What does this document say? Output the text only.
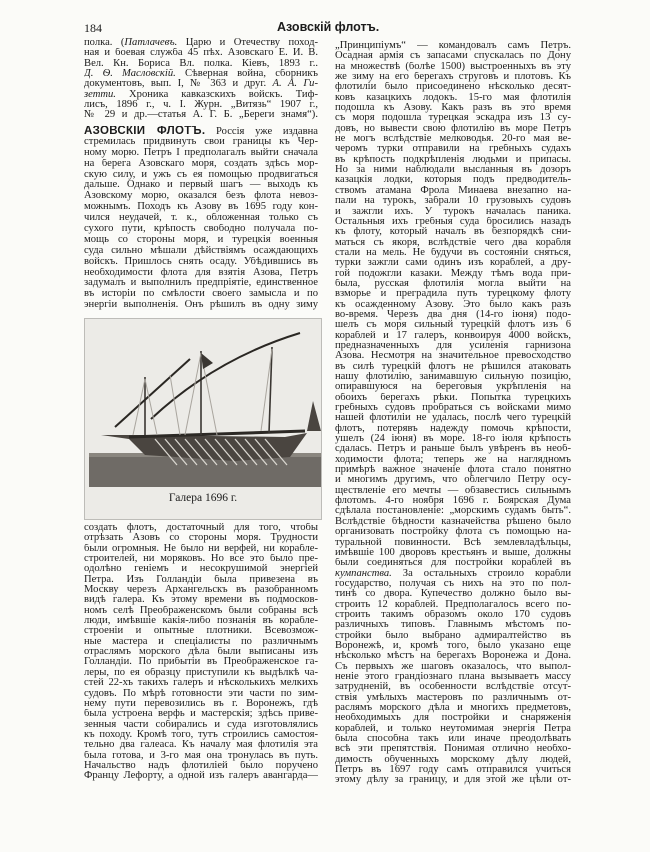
184	Азовскій флотъ.
полка. (Патлачевъ. Царю и Отечеству поход-
ная и боевая служба 45 пѣх. Азовскаго Е. И. В.
Вел. Кн. Бориса Вл. полка. Кіевъ, 1893 г..
Д. Ѳ. Масловскій. Сѣверная война, сборникъ
документовъ, вып. I, № 363 и друг. А. А. Ги-
зетти. Хроника кавказскихъ войскъ. Тиф-
лисъ, 1896 г., ч. I. Журн. „Витязь“ 1907 г.,
№ 29 и др.—статья А. Г. Б. „Береги знамя“).
АЗОВСКІЙ ФЛОТЪ. Россія уже издавна
стремилась придвинуть свои границы къ Чер-
ному морю. Петръ I предполагалъ выйти сначала
на берега Азовскаго моря, создать здѣсь мор-
скую силу, и ужъ съ ея помощью продвигаться
дальше. Однако и первый шагъ — выходъ къ
Азовскому морю, оказался безъ флота невоз-
можнымъ. Походъ къ Азову въ 1695 году кон-
чился неудачей, т. к., обложенная только съ
сухого пути, крѣпость свободно получала по-
мощь со стороны моря, и турецкія военныя
суда сильно мѣшали дѣйствіямъ осаждающихъ
войскъ. Пришлось снять осаду. Убѣдившись въ
необходимости флота для взятія Азова, Петръ
задумалъ и выполнилъ предпріятіе, единственное
въ исторіи по смѣлости своего замысла и по
энергіи выполненія. Онъ рѣшилъ въ одну зиму
Галера 1696 г.
создать флотъ, достаточный для того, чтобы
отрѣзать Азовъ со стороны моря. Трудности
были огромныя. Не было ни верфей, ни корабле-
строителей, ни моряковъ. Но все это было пре-
одолѣно геніемъ и несокрушимой энергіей
Петра. Изъ Голландіи была привезена въ
Москву черезъ Архангельскъ въ разобранномъ
видѣ галера. Къ этому времени въ подмосков-
номъ селѣ Преображенскомъ были собраны всѣ
люди, имѣвшіе какія-либо познанія въ корабле-
строеніи и опытные плотники. Всевозмож-
ные мастера и спеціалисты по различнымъ
отраслямъ морского дѣла были выписаны изъ
Голландіи. По прибытіи въ Преображенское га-
леры, по ея образцу приступили къ выдѣлкѣ ча-
стей 22-хъ такихъ галеръ и нѣсколькихъ мелкихъ
судовъ. По мѣрѣ готовности эти части по зим-
нему пути перевозились въ г. Воронежъ, гдѣ
была устроена верфь и мастерскія; здѣсь приве-
зенныя части собирались и суда изготовлялись
къ походу. Кромѣ того, тутъ строились самостоя-
тельно два галеаса. Къ началу мая флотилія эта
была готова, и 3-го мая она тронулась въ путь.
Начальство надъ флотиліей было поручено
Францу Лефорту, а одной изъ галеръ авангарда—
„Принципіумъ“ — командовалъ самъ Петръ.
Осадная армія съ запасами спускалась по Дону
на множествѣ (болѣе 1500) выстроенныхъ въ эту
же зиму на его берегахъ струговъ и плотовъ. Къ
флотиліи было присоединено нѣсколько десят-
ковъ казацкихъ лодокъ. 15-го мая флотилія
подошла къ Азову. Какъ разъ въ это время
съ моря подошла турецкая эскадра изъ 13 су-
довъ, но вывести свою флотилію въ море Петръ
не могъ вслѣдствіе мелководья. 20-го мая ве-
черомъ турки отправили на гребныхъ судахъ
въ крѣпость подкрѣпленія людьми и припасы.
Но за ними наблюдали высланныя въ дозоръ
казацкія лодки, которыя подъ предводитель-
ствомъ атамана Фрола Минаева внезапно на-
пали на турокъ, забрали 10 грузовыхъ судовъ
и зажгли ихъ. У турокъ началась паника.
Остальныя ихъ гребныя суда бросились назадъ
къ флоту, который началъ въ безпорядкѣ сни-
маться съ якоря, вслѣдствіе чего два корабля
стали на мель. Не будучи въ состояніи сняться,
турки зажгли сами одинъ изъ кораблей, а дру-
гой подожгли казаки. Между тѣмъ вода при-
была, русская флотилія могла выйти на
взморье и преградила путь турецкому флоту
къ осажденному Азову. Это было какъ разъ
во-время. Черезъ два дня (14-го іюня) подо-
шелъ съ моря сильный турецкій флотъ изъ 6
кораблей и 17 галеръ, конвоируя 4000 войскъ,
предназначенныхъ для усиленія гарнизона
Азова. Несмотря на значительное превосходство
въ силѣ турецкій флотъ не рѣшился атаковать
нашу флотилію, занимавшую сильную позицію,
опиравшуюся на береговыя укрѣпленія на
обоихъ берегахъ рѣки. Попытка турецкихъ
гребныхъ судовъ пробраться съ войсками мимо
нашей флотиліи не удалась, послѣ чего турецкій
флотъ, потерявъ надежду помочь крѣпости,
ушелъ (24 іюня) въ море. 18-го іюля крѣпость
сдалась. Петръ и раньше былъ увѣренъ въ необ-
ходимости флота; теперь же на наглядномъ
примѣрѣ важное значеніе флота стало понятно
и многимъ другимъ, что облегчило Петру осу-
ществленіе его мечты — обзавестись сильнымъ
флотомъ. 4-го ноября 1696 г. Боярская Дума
сдѣлала постановленіе: „морскимъ судамъ быть“.
Вслѣдствіе бѣдности казначейства рѣшено было
организовать постройку флота съ помощью на-
туральной повинности. Всѣ землевладѣльцы,
имѣвшіе 100 дворовъ крестьянъ и выше, должны
были соединяться для постройки кораблей въ
кумпанства. За остальныхъ строило корабли
государство, получая съ нихъ на это по пол-
тинѣ со двора. Купечество должно было вы-
строить 12 кораблей. Предполагалось всего по-
строить такимъ образомъ около 170 судовъ
различныхъ типовъ. Главнымъ мѣстомъ по-
стройки было выбрано адмиралтейство въ
Воронежѣ, и, кромѣ того, было указано еще
нѣсколько мѣстъ на берегахъ Воронежа и Дона.
Съ первыхъ же шаговъ оказалось, что выпол-
неніе этого грандіознаго плана вызываетъ массу
затрудненій, въ особенности вслѣдствіе отсут-
ствія умѣлыхъ мастеровъ по различнымъ от-
раслямъ морского дѣла и многихъ предметовъ,
необходимыхъ для постройки и снаряженія
кораблей, и только неутомимая энергія Петра
была способна такъ или иначе преодолѣвать
всѣ эти препятствія. Понимая отлично необхо-
димость обученныхъ морскому дѣлу людей,
Петръ въ 1697 году самъ отправился учиться
этому дѣлу за границу, и для этой же цѣли от-
